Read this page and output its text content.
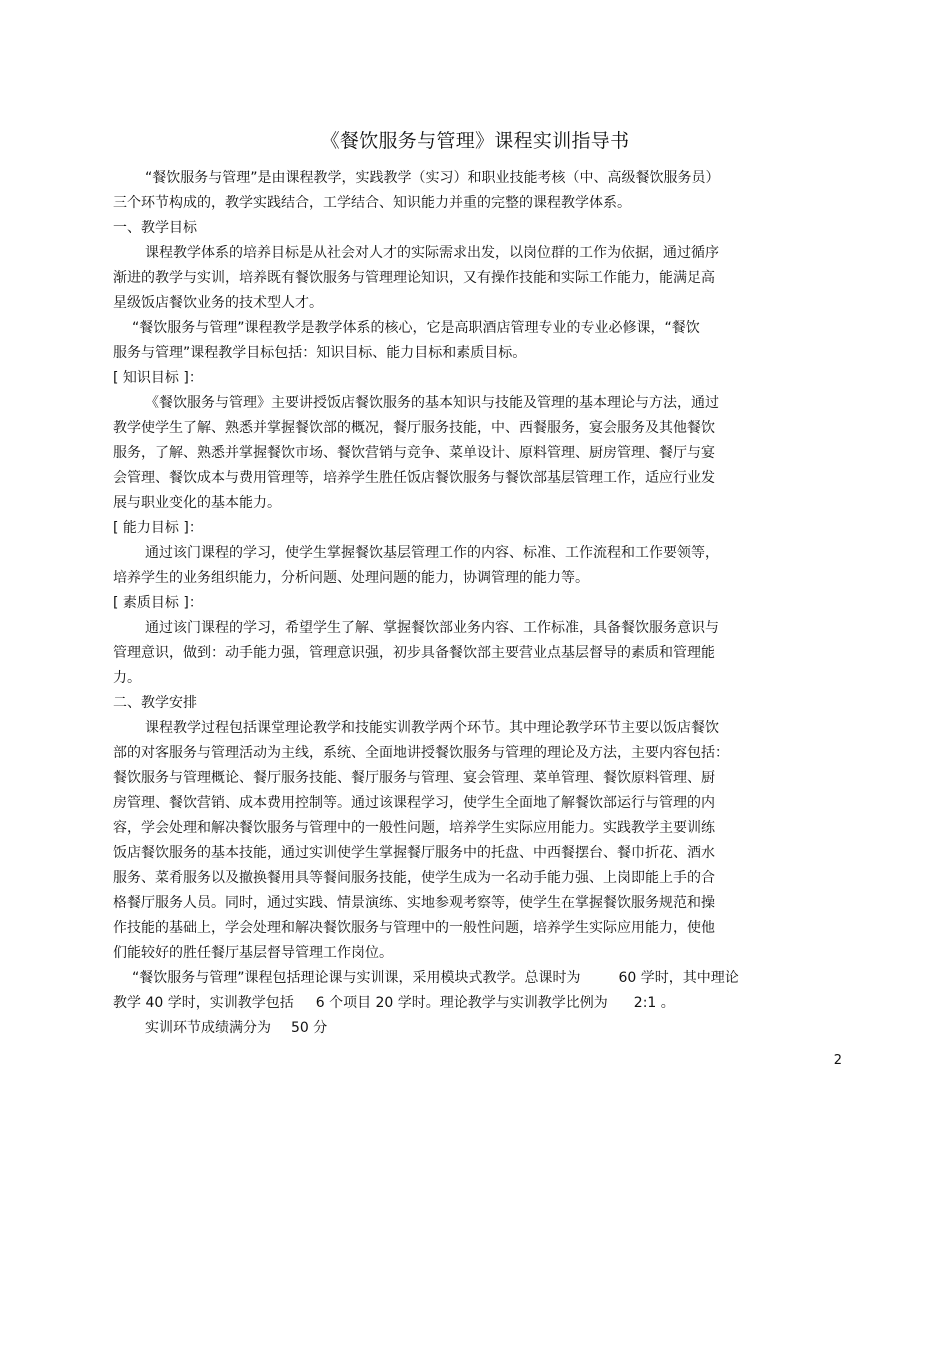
《餐饮服务与管理》课程实训指导书
“餐饮服务与管理”是由课程教学，实践教学（实习）和职业技能考核（中、高级餐饮服务员）
三个环节构成的，教学实践结合，工学结合、知识能力并重的完整的课程教学体系。
一、教学目标
课程教学体系的培养目标是从社会对人才的实际需求出发，以岗位群的工作为依据，通过循序
渐进的教学与实训，培养既有餐饮服务与管理理论知识，又有操作技能和实际工作能力，能满足高
星级饭店餐饮业务的技术型人才。
“餐饮服务与管理”课程教学是教学体系的核心，它是高职酒店管理专业的专业必修课，“餐饮
服务与管理”课程教学目标包括：知识目标、能力目标和素质目标。
[ 知识目标 ]：
《餐饮服务与管理》主要讲授饭店餐饮服务的基本知识与技能及管理的基本理论与方法，通过
教学使学生了解、熟悉并掌握餐饮部的概况，餐厅服务技能，中、西餐服务，宴会服务及其他餐饮
服务，了解、熟悉并掌握餐饮市场、餐饮营销与竞争、菜单设计、原料管理、厨房管理、餐厅与宴
会管理、餐饮成本与费用管理等，培养学生胜任饭店餐饮服务与餐饮部基层管理工作，适应行业发
展与职业变化的基本能力。
[ 能力目标 ]：
通过该门课程的学习，使学生掌握餐饮基层管理工作的内容、标准、工作流程和工作要领等，
培养学生的业务组织能力，分析问题、处理问题的能力，协调管理的能力等。
[ 素质目标 ]：
通过该门课程的学习，希望学生了解、掌握餐饮部业务内容、工作标准，具备餐饮服务意识与
管理意识，做到：动手能力强，管理意识强，初步具备餐饮部主要营业点基层督导的素质和管理能
力。
二、教学安排
课程教学过程包括课堂理论教学和技能实训教学两个环节。其中理论教学环节主要以饭店餐饮
部的对客服务与管理活动为主线，系统、全面地讲授餐饮服务与管理的理论及方法，主要内容包括：
餐饮服务与管理概论、餐厅服务技能、餐厅服务与管理、宴会管理、菜单管理、餐饮原料管理、厨
房管理、餐饮营销、成本费用控制等。通过该课程学习，使学生全面地了解餐饮部运行与管理的内
容，学会处理和解决餐饮服务与管理中的一般性问题，培养学生实际应用能力。实践教学主要训练
饭店餐饮服务的基本技能，通过实训使学生掌握餐厅服务中的托盘、中西餐摆台、餐巾折花、酒水
服务、菜肴服务以及撤换餐用具等餐间服务技能，使学生成为一名动手能力强、上岗即能上手的合
格餐厅服务人员。同时，通过实践、情景演练、实地参观考察等，使学生在掌握餐饮服务规范和操
作技能的基础上，学会处理和解决餐饮服务与管理中的一般性问题，培养学生实际应用能力，使他
们能较好的胜任餐厅基层督导管理工作岗位。
“餐饮服务与管理”课程包括理论课与实训课，采用模块式教学。总课时为	60 学时，其中理论
教学 40 学时，实训教学包括 6 个项目 20 学时。理论教学与实训教学比例为 2:1 。
实训环节成绩满分为 50 分
2
